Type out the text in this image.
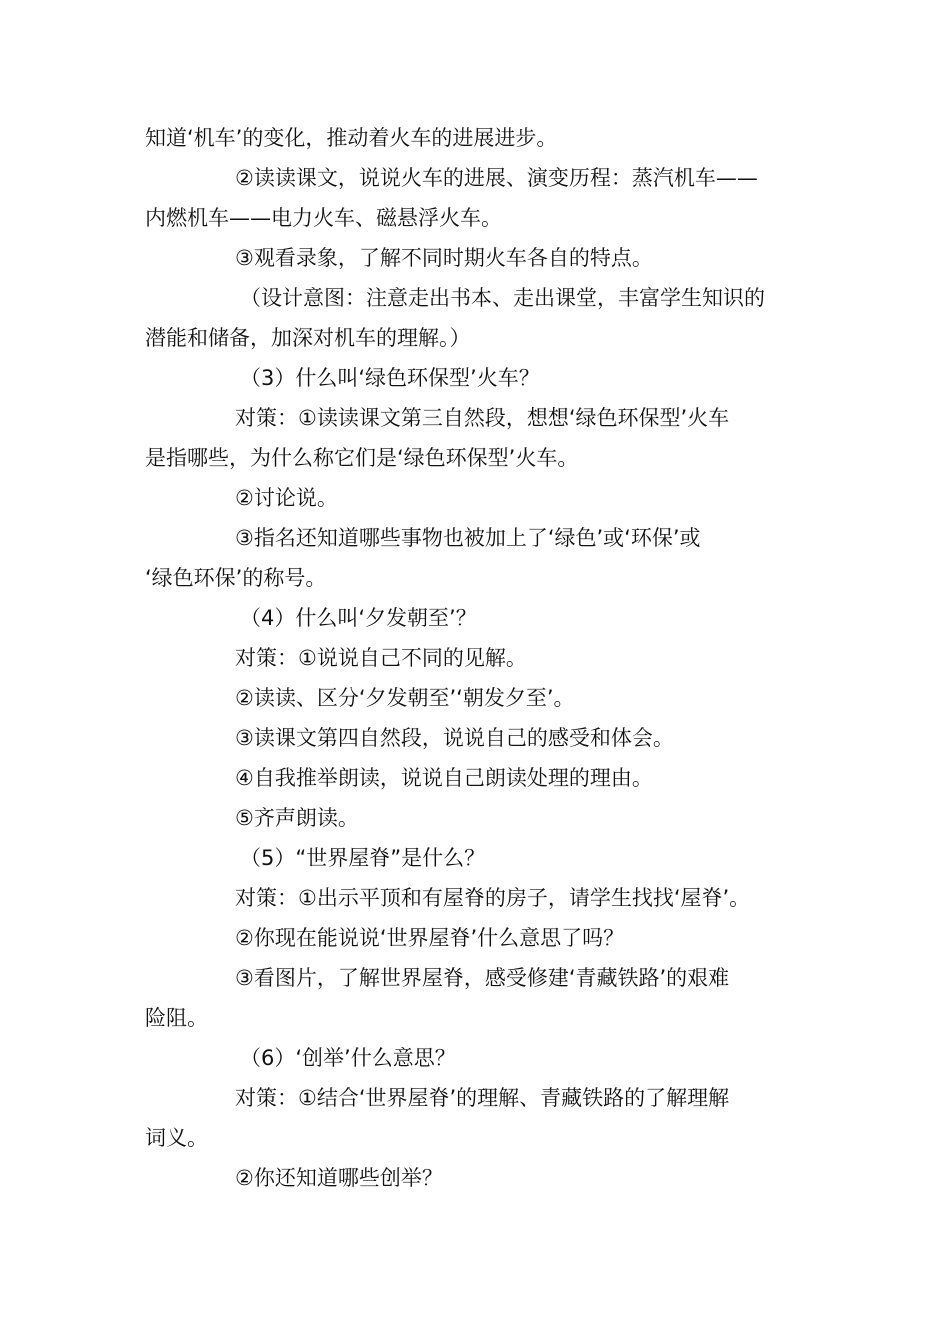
知道‘机车’的变化，推动着火车的进展进步。
②读读课文，说说火车的进展、演变历程：蒸汽机车——
内燃机车——电力火车、磁悬浮火车。
③观看录象，了解不同时期火车各自的特点。
（设计意图：注意走出书本、走出课堂，丰富学生知识的
潜能和储备，加深对机车的理解。）
（3）什么叫‘绿色环保型’火车？
对策：①读读课文第三自然段，想想‘绿色环保型’火车
是指哪些，为什么称它们是‘绿色环保型’火车。
②讨论说。
③指名还知道哪些事物也被加上了‘绿色’或‘环保’或
‘绿色环保’的称号。
（4）什么叫‘夕发朝至’？
对策：①说说自己不同的见解。
②读读、区分‘夕发朝至’‘朝发夕至’。
③读课文第四自然段，说说自己的感受和体会。
④自我推举朗读，说说自己朗读处理的理由。
⑤齐声朗读。
（5）“世界屋脊”是什么？
对策：①出示平顶和有屋脊的房子，请学生找找‘屋脊’。
②你现在能说说‘世界屋脊’什么意思了吗？
③看图片，了解世界屋脊，感受修建‘青藏铁路’的艰难
险阻。
（6）‘创举’什么意思？
对策：①结合‘世界屋脊’的理解、青藏铁路的了解理解
词义。
②你还知道哪些创举？
